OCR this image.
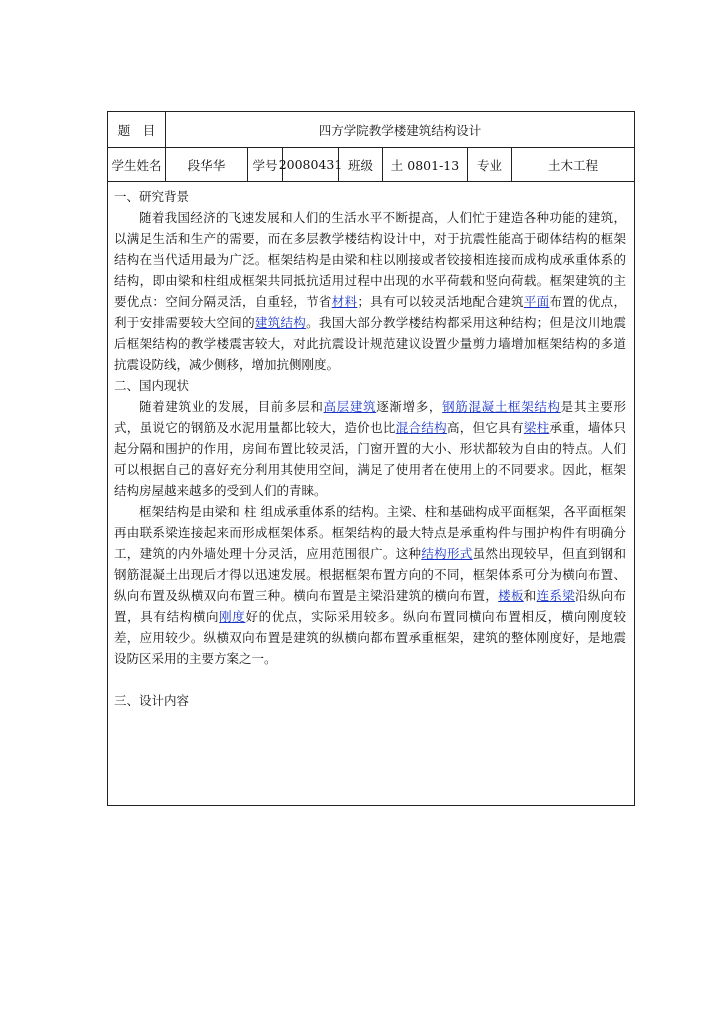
题　目	四方学院教学楼建筑结构设计
学生姓名	段华华	学号 20080431 班级	土 0801-13	专业	土木工程

一、研究背景

随着我国经济的飞速发展和人们的生活水平不断提高，人们忙于建造各种功能的建筑，以满足生活和生产的需要，而在多层教学楼结构设计中，对于抗震性能高于砌体结构的框架结构在当代适用最为广泛。框架结构是由梁和柱以刚接或者铰接相连接而成构成承重体系的结构，即由梁和柱组成框架共同抵抗适用过程中出现的水平荷载和竖向荷载。框架建筑的主要优点：空间分隔灵活，自重轻，节省材料；具有可以较灵活地配合建筑平面布置的优点，利于安排需要较大空间的建筑结构。我国大部分教学楼结构都采用这种结构；但是汶川地震后框架结构的教学楼震害较大，对此抗震设计规范建议设置少量剪力墙增加框架结构的多道抗震设防线，减少侧移，增加抗侧刚度。

二、国内现状

随着建筑业的发展，目前多层和高层建筑逐渐增多，钢筋混凝土框架结构是其主要形式，虽说它的钢筋及水泥用量都比较大，造价也比混合结构高，但它具有梁柱承重，墙体只起分隔和围护的作用，房间布置比较灵活，门窗开置的大小、形状都较为自由的特点。人们可以根据自己的喜好充分利用其使用空间，满足了使用者在使用上的不同要求。因此，框架结构房屋越来越多的受到人们的青睐。

框架结构是由梁和 柱 组成承重体系的结构。主梁、柱和基础构成平面框架，各平面框架再由联系梁连接起来而形成框架体系。框架结构的最大特点是承重构件与围护构件有明确分工，建筑的内外墙处理十分灵活，应用范围很广。这种结构形式虽然出现较早，但直到钢和钢筋混凝土出现后才得以迅速发展。根据框架布置方向的不同，框架体系可分为横向布置、纵向布置及纵横双向布置三种。横向布置是主梁沿建筑的横向布置，楼板和连系梁沿纵向布置，具有结构横向刚度好的优点，实际采用较多。纵向布置同横向布置相反，横向刚度较差，应用较少。纵横双向布置是建筑的纵横向都布置承重框架，建筑的整体刚度好，是地震设防区采用的主要方案之一。

三、设计内容
